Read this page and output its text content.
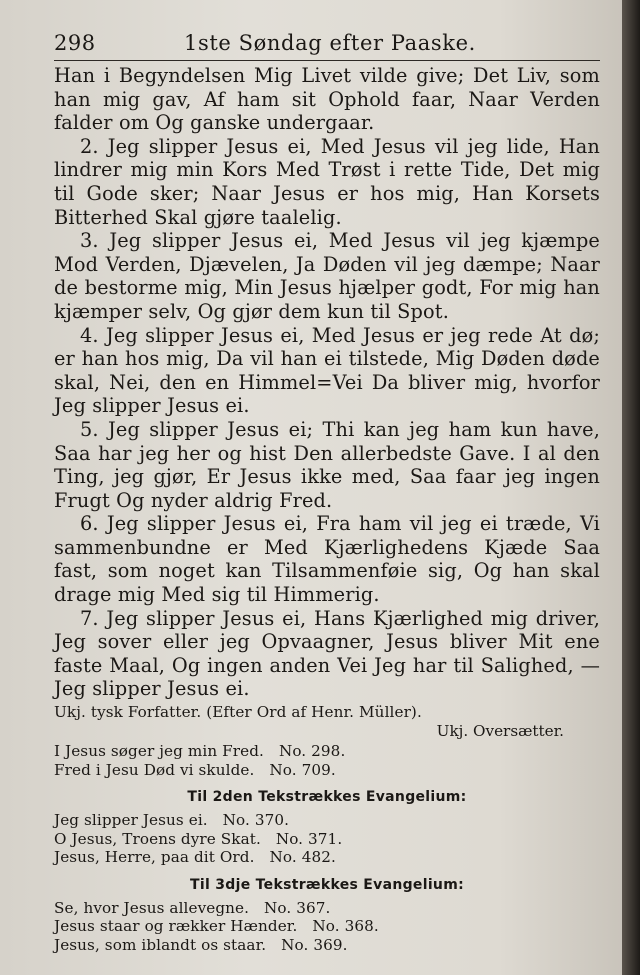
298	1ste Søndag efter Paaske.

Han i Begyndelsen Mig Livet vilde give; Det Liv, som han mig gav, Af ham sit Ophold faar, Naar Verden falder om Og ganske undergaar.

2. Jeg slipper Jesus ei, Med Jesus vil jeg lide, Han lindrer mig min Kors Med Trøst i rette Tide, Det mig til Gode sker; Naar Jesus er hos mig, Han Korsets Bitterhed Skal gjøre taalelig.

3. Jeg slipper Jesus ei, Med Jesus vil jeg kjæmpe Mod Verden, Djævelen, Ja Døden vil jeg dæmpe; Naar de bestorme mig, Min Jesus hjælper godt, For mig han kjæmper selv, Og gjør dem kun til Spot.

4. Jeg slipper Jesus ei, Med Jesus er jeg rede At dø; er han hos mig, Da vil han ei tilstede, Mig Døden døde skal, Nei, den en Himmel=Vei Da bliver mig, hvorfor Jeg slipper Jesus ei.

5. Jeg slipper Jesus ei; Thi kan jeg ham kun have, Saa har jeg her og hist Den allerbedste Gave. I al den Ting, jeg gjør, Er Jesus ikke med, Saa faar jeg ingen Frugt Og nyder aldrig Fred.

6. Jeg slipper Jesus ei, Fra ham vil jeg ei træde, Vi sammenbundne er Med Kjærlighedens Kjæde Saa fast, som noget kan Tilsammenføie sig, Og han skal drage mig Med sig til Himmerig.

7. Jeg slipper Jesus ei, Hans Kjærlighed mig driver, Jeg sover eller jeg Opvaagner, Jesus bliver Mit ene faste Maal, Og ingen anden Vei Jeg har til Salighed, — Jeg slipper Jesus ei.

Ukj. tysk Forfatter. (Efter Ord af Henr. Müller).
Ukj. Oversætter.
I Jesus søger jeg min Fred. No. 298.
Fred i Jesu Død vi skulde. No. 709.
Til 2den Tekstrækkes Evangelium:
Jeg slipper Jesus ei. No. 370.
O Jesus, Troens dyre Skat. No. 371.
Jesus, Herre, paa dit Ord. No. 482.
Til 3dje Tekstrækkes Evangelium:
Se, hvor Jesus allevegne. No. 367.
Jesus staar og rækker Hænder. No. 368.
Jesus, som iblandt os staar. No. 369.
